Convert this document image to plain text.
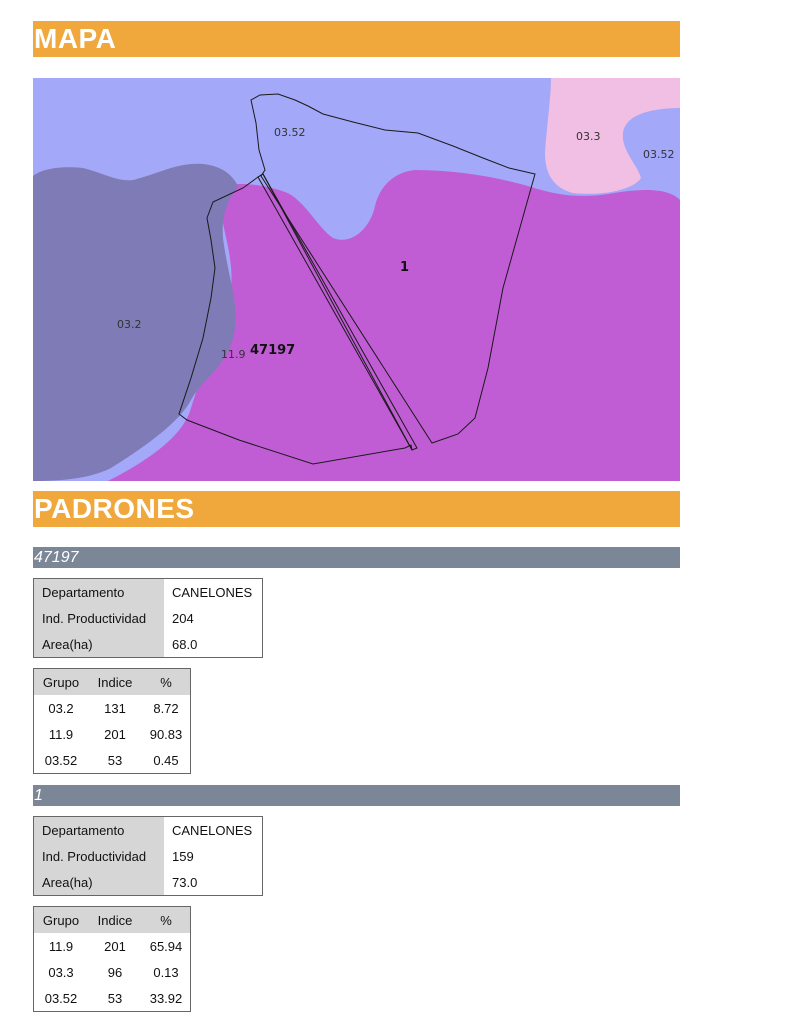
MAPA
03.52	03.3
03.52
03.2
1
47197
11.9
PADRONES
47197
Departamento	CANELONES
Ind. Productividad	204
Area(ha)	68.0
Grupo	Indice	%
03.2	131	8.72
11.9	201	90.83
03.52	53	0.45
1
Departamento	CANELONES
Ind. Productividad	159
Area(ha)	73.0
Grupo	Indice	%
11.9	201	65.94
03.3	96	0.13
03.52	53	33.92
